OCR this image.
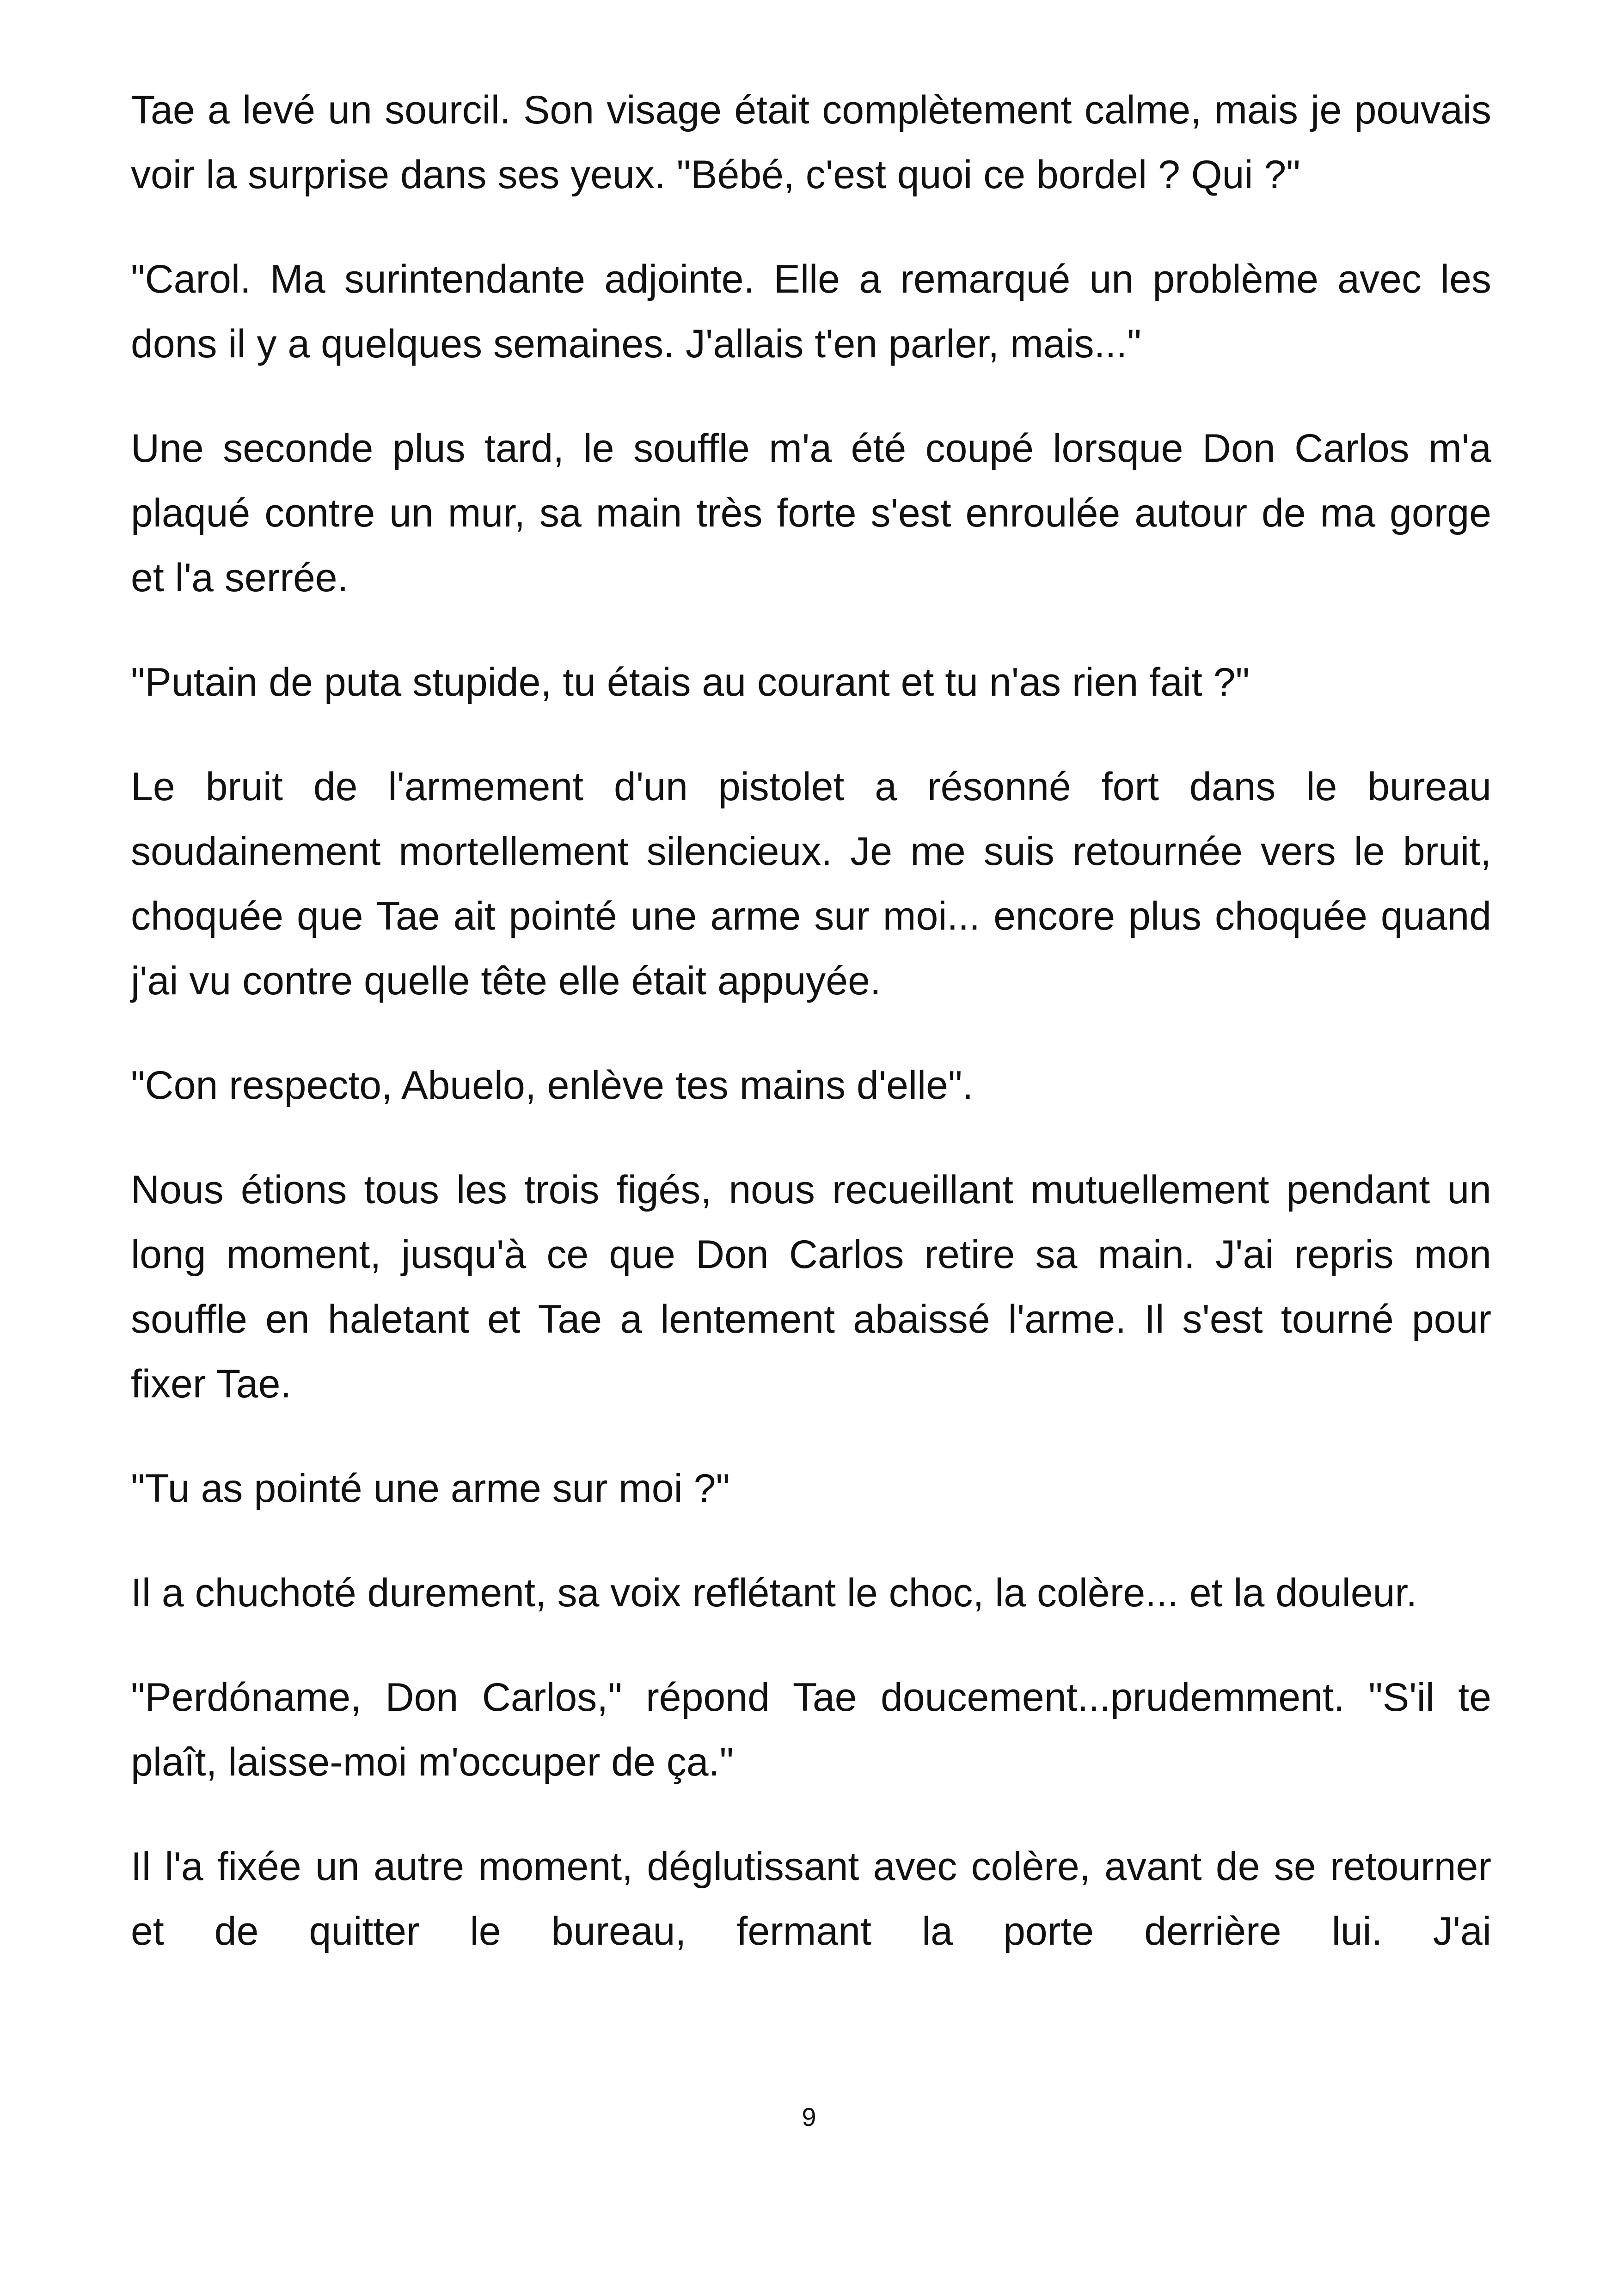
Tae a levé un sourcil. Son visage était complètement calme, mais je pouvais voir la surprise dans ses yeux. "Bébé, c'est quoi ce bordel ? Qui ?"

"Carol. Ma surintendante adjointe. Elle a remarqué un problème avec les dons il y a quelques semaines. J'allais t'en parler, mais..."

Une seconde plus tard, le souffle m'a été coupé lorsque Don Carlos m'a plaqué contre un mur, sa main très forte s'est enroulée autour de ma gorge et l'a serrée.

"Putain de puta stupide, tu étais au courant et tu n'as rien fait ?"

Le bruit de l'armement d'un pistolet a résonné fort dans le bureau soudainement mortellement silencieux. Je me suis retournée vers le bruit, choquée que Tae ait pointé une arme sur moi... encore plus choquée quand j'ai vu contre quelle tête elle était appuyée.

"Con respecto, Abuelo, enlève tes mains d'elle".

Nous étions tous les trois figés, nous recueillant mutuellement pendant un long moment, jusqu'à ce que Don Carlos retire sa main. J'ai repris mon souffle en haletant et Tae a lentement abaissé l'arme. Il s'est tourné pour fixer Tae.

"Tu as pointé une arme sur moi ?"

Il a chuchoté durement, sa voix reflétant le choc, la colère... et la douleur.

"Perdóname, Don Carlos," répond Tae doucement...prudemment. "S'il te plaît, laisse-moi m'occuper de ça."

Il l'a fixée un autre moment, déglutissant avec colère, avant de se retourner et de quitter le bureau, fermant la porte derrière lui. J'ai

9
